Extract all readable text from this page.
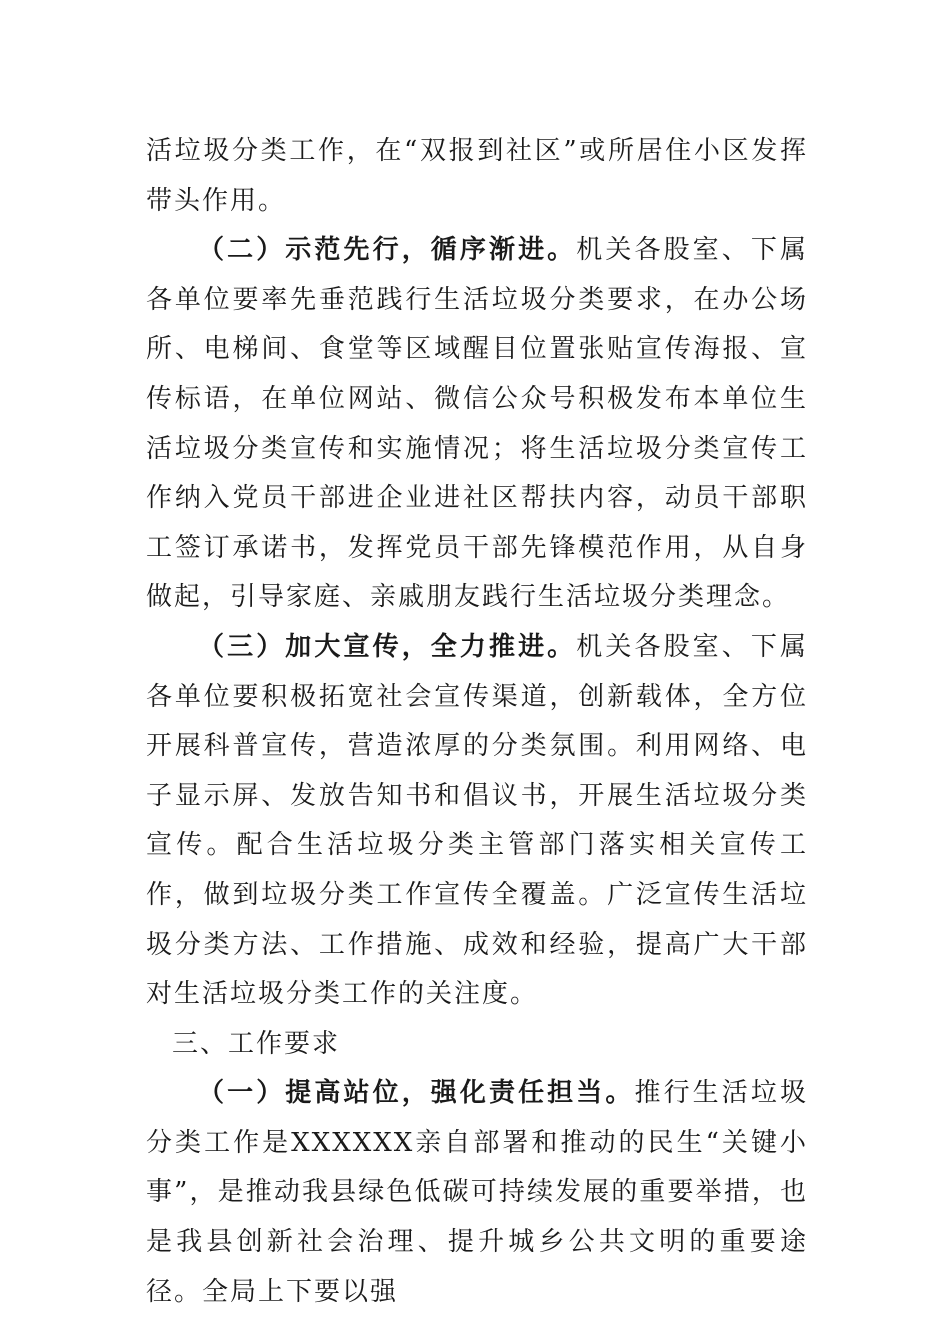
活垃圾分类工作，在“双报到社区”或所居住小区发挥带头作用。

（二）示范先行，循序渐进。机关各股室、下属各单位要率先垂范践行生活垃圾分类要求，在办公场所、电梯间、食堂等区域醒目位置张贴宣传海报、宣传标语，在单位网站、微信公众号积极发布本单位生活垃圾分类宣传和实施情况；将生活垃圾分类宣传工作纳入党员干部进企业进社区帮扶内容，动员干部职工签订承诺书，发挥党员干部先锋模范作用，从自身做起，引导家庭、亲戚朋友践行生活垃圾分类理念。

（三）加大宣传，全力推进。机关各股室、下属各单位要积极拓宽社会宣传渠道，创新载体，全方位开展科普宣传，营造浓厚的分类氛围。利用网络、电子显示屏、发放告知书和倡议书，开展生活垃圾分类宣传。配合生活垃圾分类主管部门落实相关宣传工作，做到垃圾分类工作宣传全覆盖。广泛宣传生活垃圾分类方法、工作措施、成效和经验，提高广大干部对生活垃圾分类工作的关注度。

三、工作要求

（一）提高站位，强化责任担当。推行生活垃圾分类工作是XXXXXX亲自部署和推动的民生“关键小事”，是推动我县绿色低碳可持续发展的重要举措，也是我县创新社会治理、提升城乡公共文明的重要途径。全局上下要以强
